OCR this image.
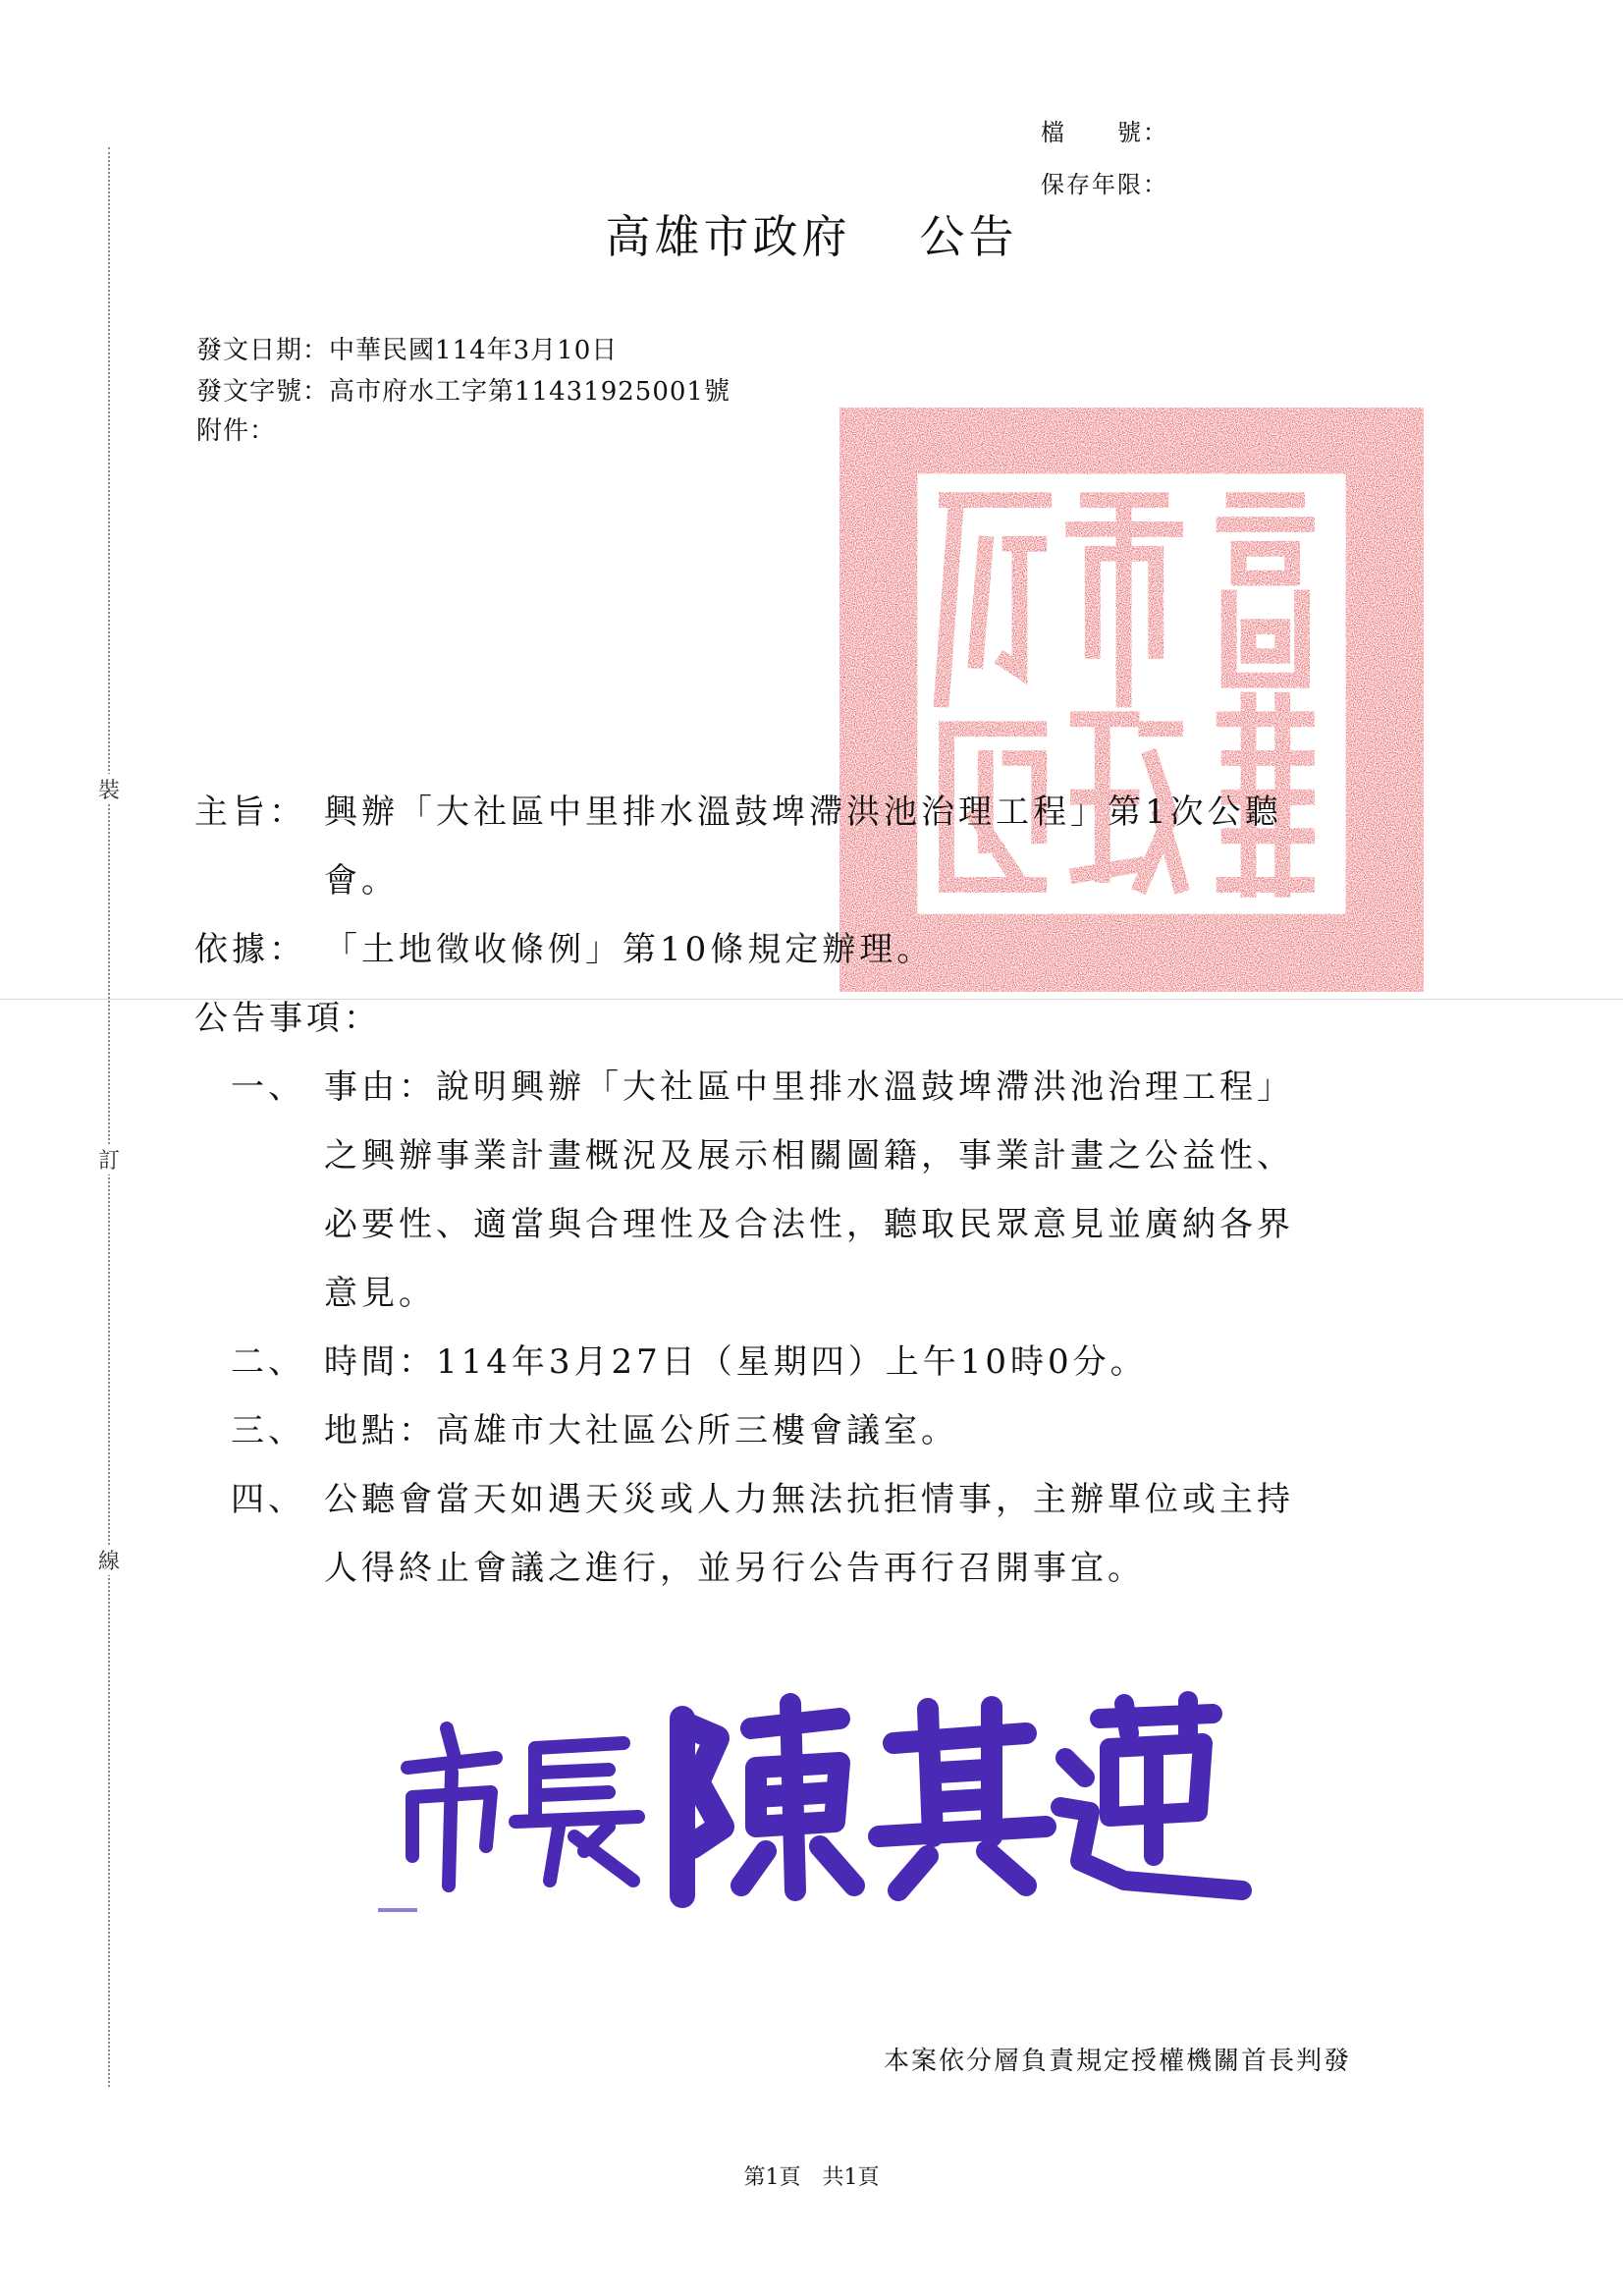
裝
訂
線
檔　　號：
保存年限：
高雄市政府 公告
發文日期：中華民國114年3月10日
發文字號：高市府水工字第11431925001號
附件：
主旨： 興辦「大社區中里排水溫鼓埤滯洪池治理工程」第1次公聽
會。
依據： 「土地徵收條例」第10條規定辦理。
公告事項：
一、 事由：說明興辦「大社區中里排水溫鼓埤滯洪池治理工程」
之興辦事業計畫概況及展示相關圖籍，事業計畫之公益性、
必要性、適當與合理性及合法性，聽取民眾意見並廣納各界
意見。
二、 時間：114年3月27日（星期四）上午10時0分。
三、 地點：高雄市大社區公所三樓會議室。
四、 公聽會當天如遇天災或人力無法抗拒情事，主辦單位或主持
人得終止會議之進行，並另行公告再行召開事宜。
本案依分層負責規定授權機關首長判發
第1頁　共1頁
